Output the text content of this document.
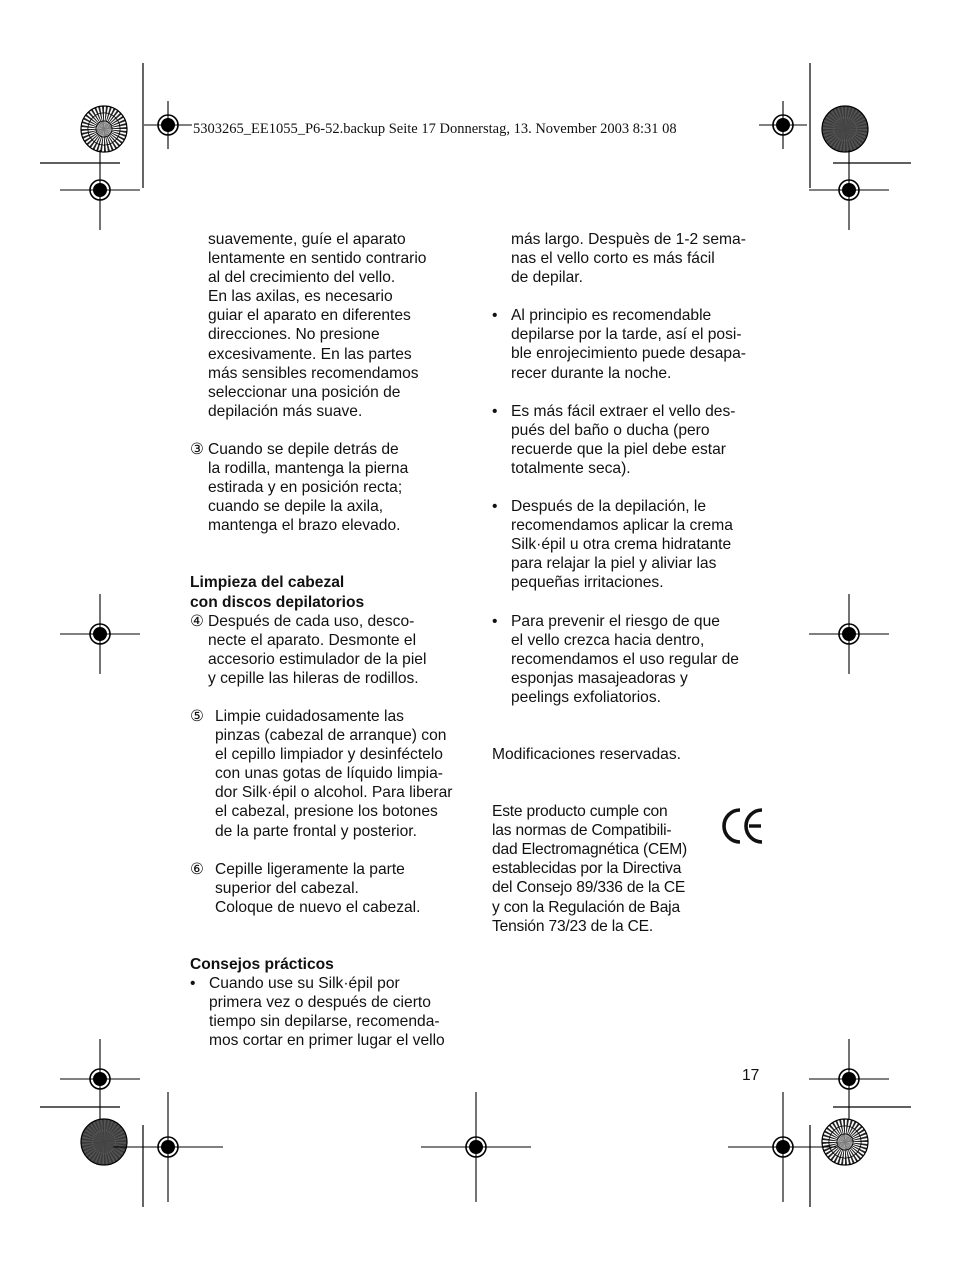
5303265_EE1055_P6-52.backup Seite 17 Donnerstag, 13. November 2003 8:31 08

suavemente, guíe el aparato

lentamente en sentido contrario

al del crecimiento del vello.

En las axilas, es necesario

guiar el aparato en diferentes

direcciones. No presione

excesivamente. En las partes

más sensibles recomendamos

seleccionar una posición de

depilación más suave.

③ Cuando se depile detrás de

la rodilla, mantenga la pierna

estirada y en posición recta;

cuando se depile la axila,

mantenga el brazo elevado.

Limpieza del cabezal

con discos depilatorios

④ Después de cada uso, desco-

necte el aparato. Desmonte el

accesorio estimulador de la piel

y cepille las hileras de rodillos.

⑤ Limpie cuidadosamente las

pinzas (cabezal de arranque) con

el cepillo limpiador y desinféctelo

con unas gotas de líquido limpia-

dor Silk·épil o alcohol. Para liberar

el cabezal, presione los botones

de la parte frontal y posterior.

⑥ Cepille ligeramente la parte

superior del cabezal.

Coloque de nuevo el cabezal.

Consejos prácticos

• Cuando use su Silk·épil por

primera vez o después de cierto

tiempo sin depilarse, recomenda-

mos cortar en primer lugar el vello

más largo. Despuès de 1-2 sema-

nas el vello corto es más fácil

de depilar.

• Al principio es recomendable

depilarse por la tarde, así el posi-

ble enrojecimiento puede desapa-

recer durante la noche.

• Es más fácil extraer el vello des-

pués del baño o ducha (pero

recuerde que la piel debe estar

totalmente seca).

• Después de la depilación, le

recomendamos aplicar la crema

Silk·épil u otra crema hidratante

para relajar la piel y aliviar las

pequeñas irritaciones.

• Para prevenir el riesgo de que

el vello crezca hacia dentro,

recomendamos el uso regular de

esponjas masajeadoras y

peelings exfoliatorios.

Modificaciones reservadas.

Este producto cumple con

las normas de Compatibili-

dad Electromagnética (CEM)

establecidas por la Directiva

del Consejo 89/336 de la CE

y con la Regulación de Baja

Tensión 73/23 de la CE.

17
